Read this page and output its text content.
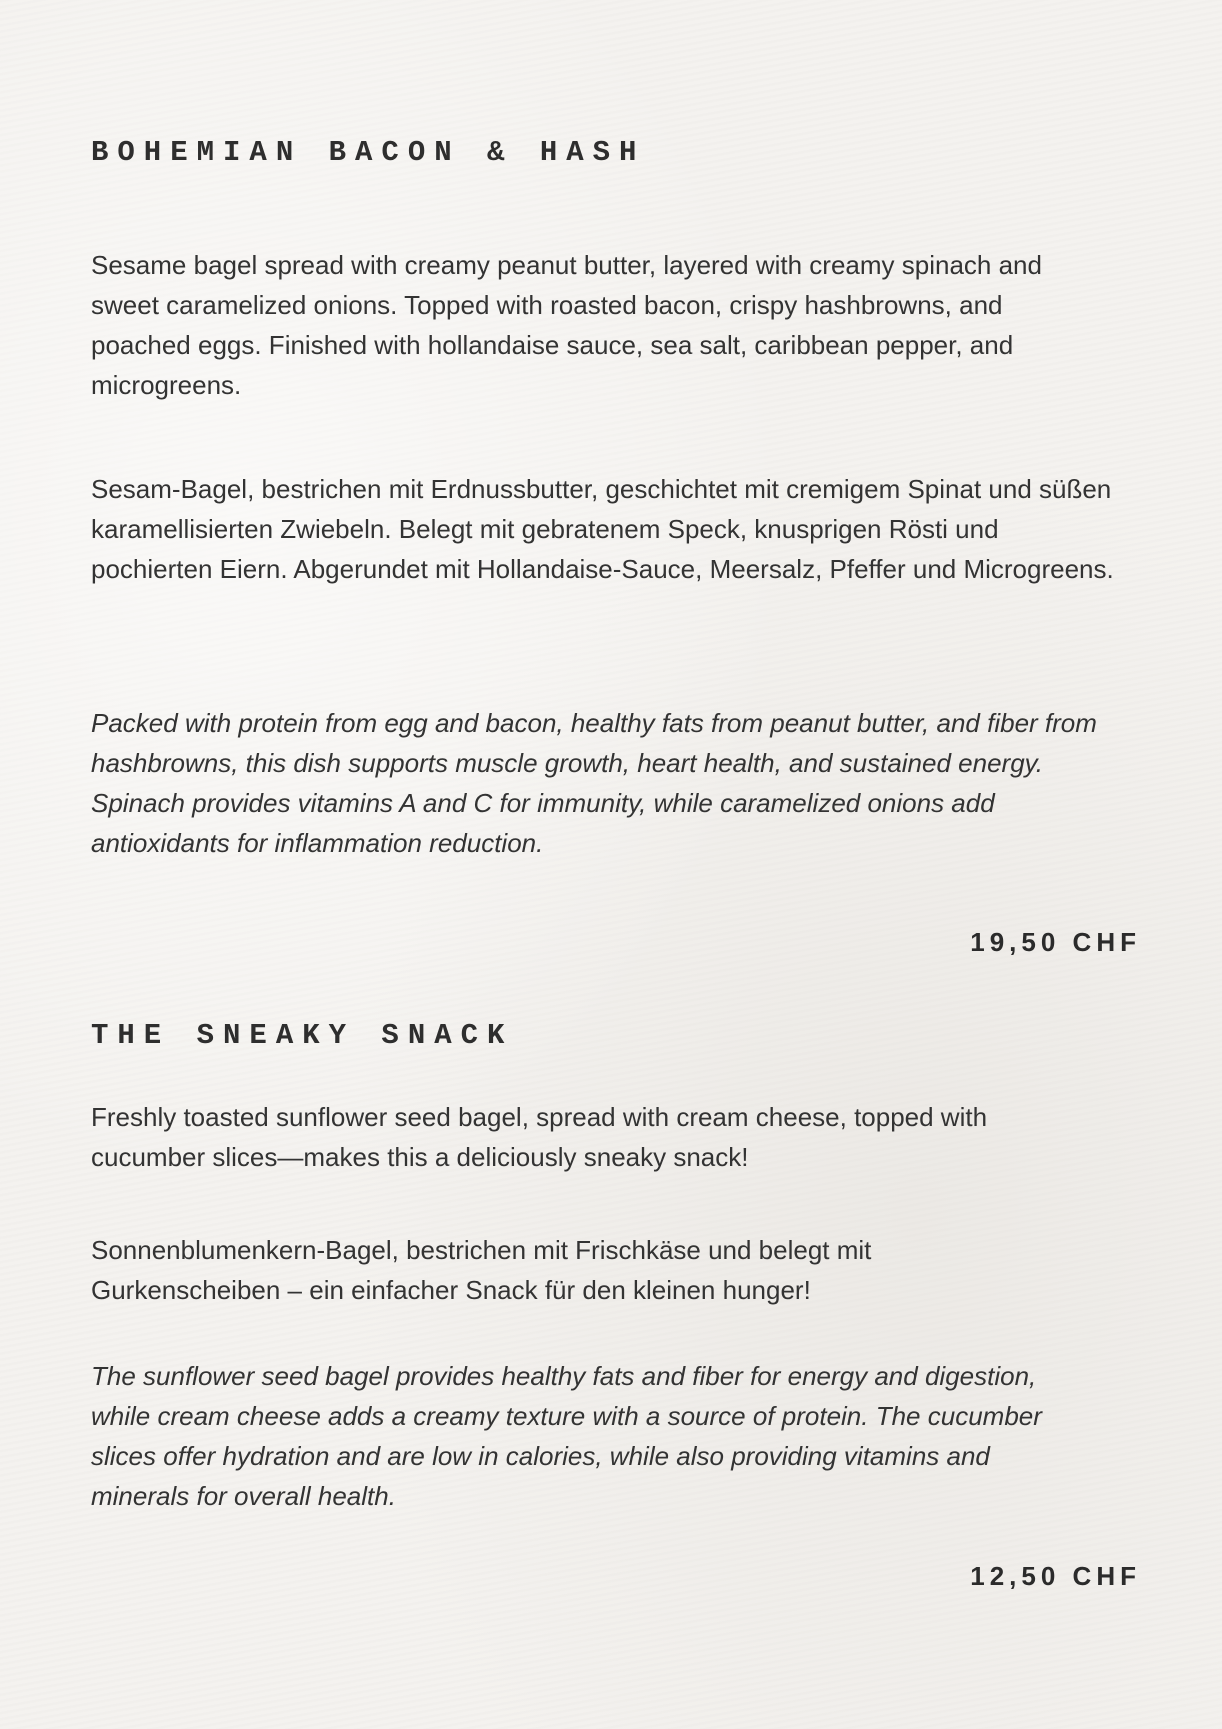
BOHEMIAN BACON & HASH

Sesame bagel spread with creamy peanut butter, layered with creamy spinach and sweet caramelized onions. Topped with roasted bacon, crispy hashbrowns, and poached eggs. Finished with hollandaise sauce, sea salt, caribbean pepper, and microgreens.

Sesam-Bagel, bestrichen mit Erdnussbutter, geschichtet mit cremigem Spinat und süßen karamellisierten Zwiebeln. Belegt mit gebratenem Speck, knusprigen Rösti und pochierten Eiern. Abgerundet mit Hollandaise-Sauce, Meersalz, Pfeffer und Microgreens.

Packed with protein from egg and bacon, healthy fats from peanut butter, and fiber from hashbrowns, this dish supports muscle growth, heart health, and sustained energy. Spinach provides vitamins A and C for immunity, while caramelized onions add antioxidants for inflammation reduction.

19,50 CHF
THE SNEAKY SNACK

Freshly toasted sunflower seed bagel, spread with cream cheese, topped with cucumber slices—makes this a deliciously sneaky snack!

Sonnenblumenkern-Bagel, bestrichen mit Frischkäse und belegt mit Gurkenscheiben – ein einfacher Snack für den kleinen hunger!

The sunflower seed bagel provides healthy fats and fiber for energy and digestion, while cream cheese adds a creamy texture with a source of protein. The cucumber slices offer hydration and are low in calories, while also providing vitamins and minerals for overall health.

12,50 CHF
